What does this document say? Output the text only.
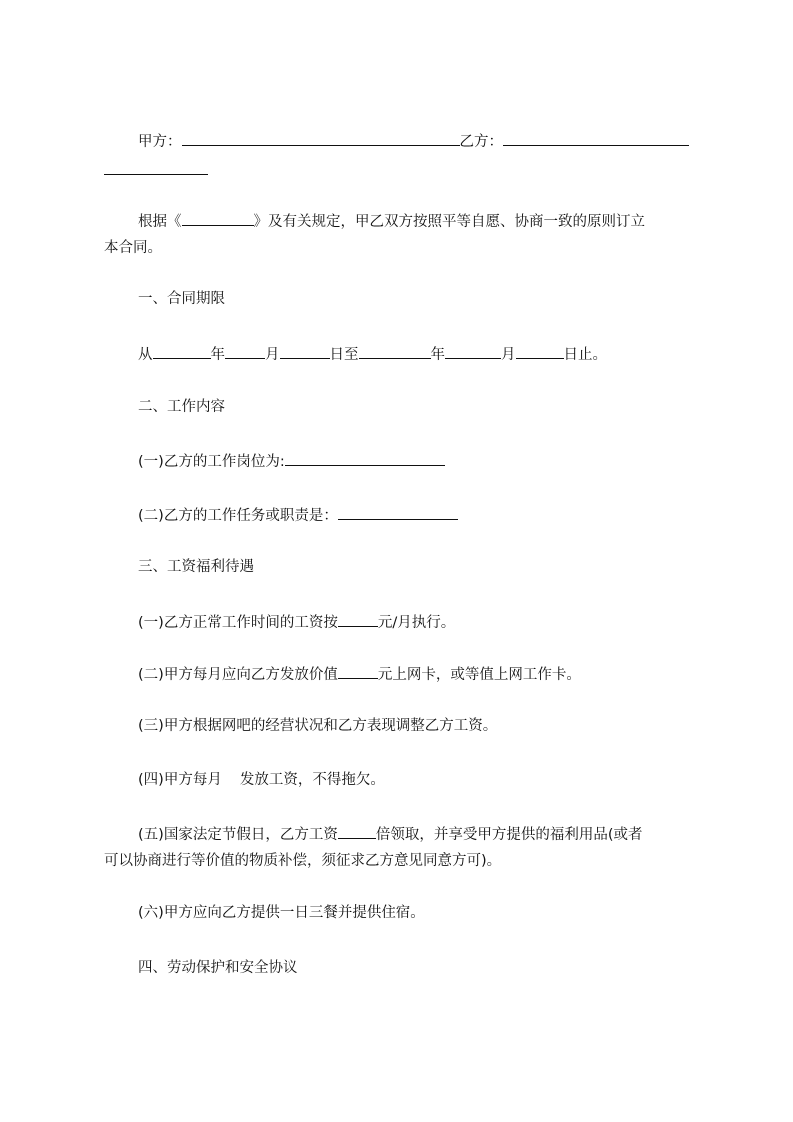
甲方：	乙方：
根据《	》及有关规定，甲乙双方按照平等自愿、协商一致的原则订立
本合同。
一、合同期限
从	年	月	日至	年	月	日止。
二、工作内容
(一)乙方的工作岗位为:
(二)乙方的工作任务或职责是：
三、工资福利待遇
(一)乙方正常工作时间的工资按	元/月执行。
(二)甲方每月应向乙方发放价值	元上网卡，或等值上网工作卡。
(三)甲方根据网吧的经营状况和乙方表现调整乙方工资。
(四)甲方每月 发放工资，不得拖欠。
(五)国家法定节假日，乙方工资	倍领取，并享受甲方提供的福利用品(或者
可以协商进行等价值的物质补偿，须征求乙方意见同意方可)。
(六)甲方应向乙方提供一日三餐并提供住宿。
四、劳动保护和安全协议
